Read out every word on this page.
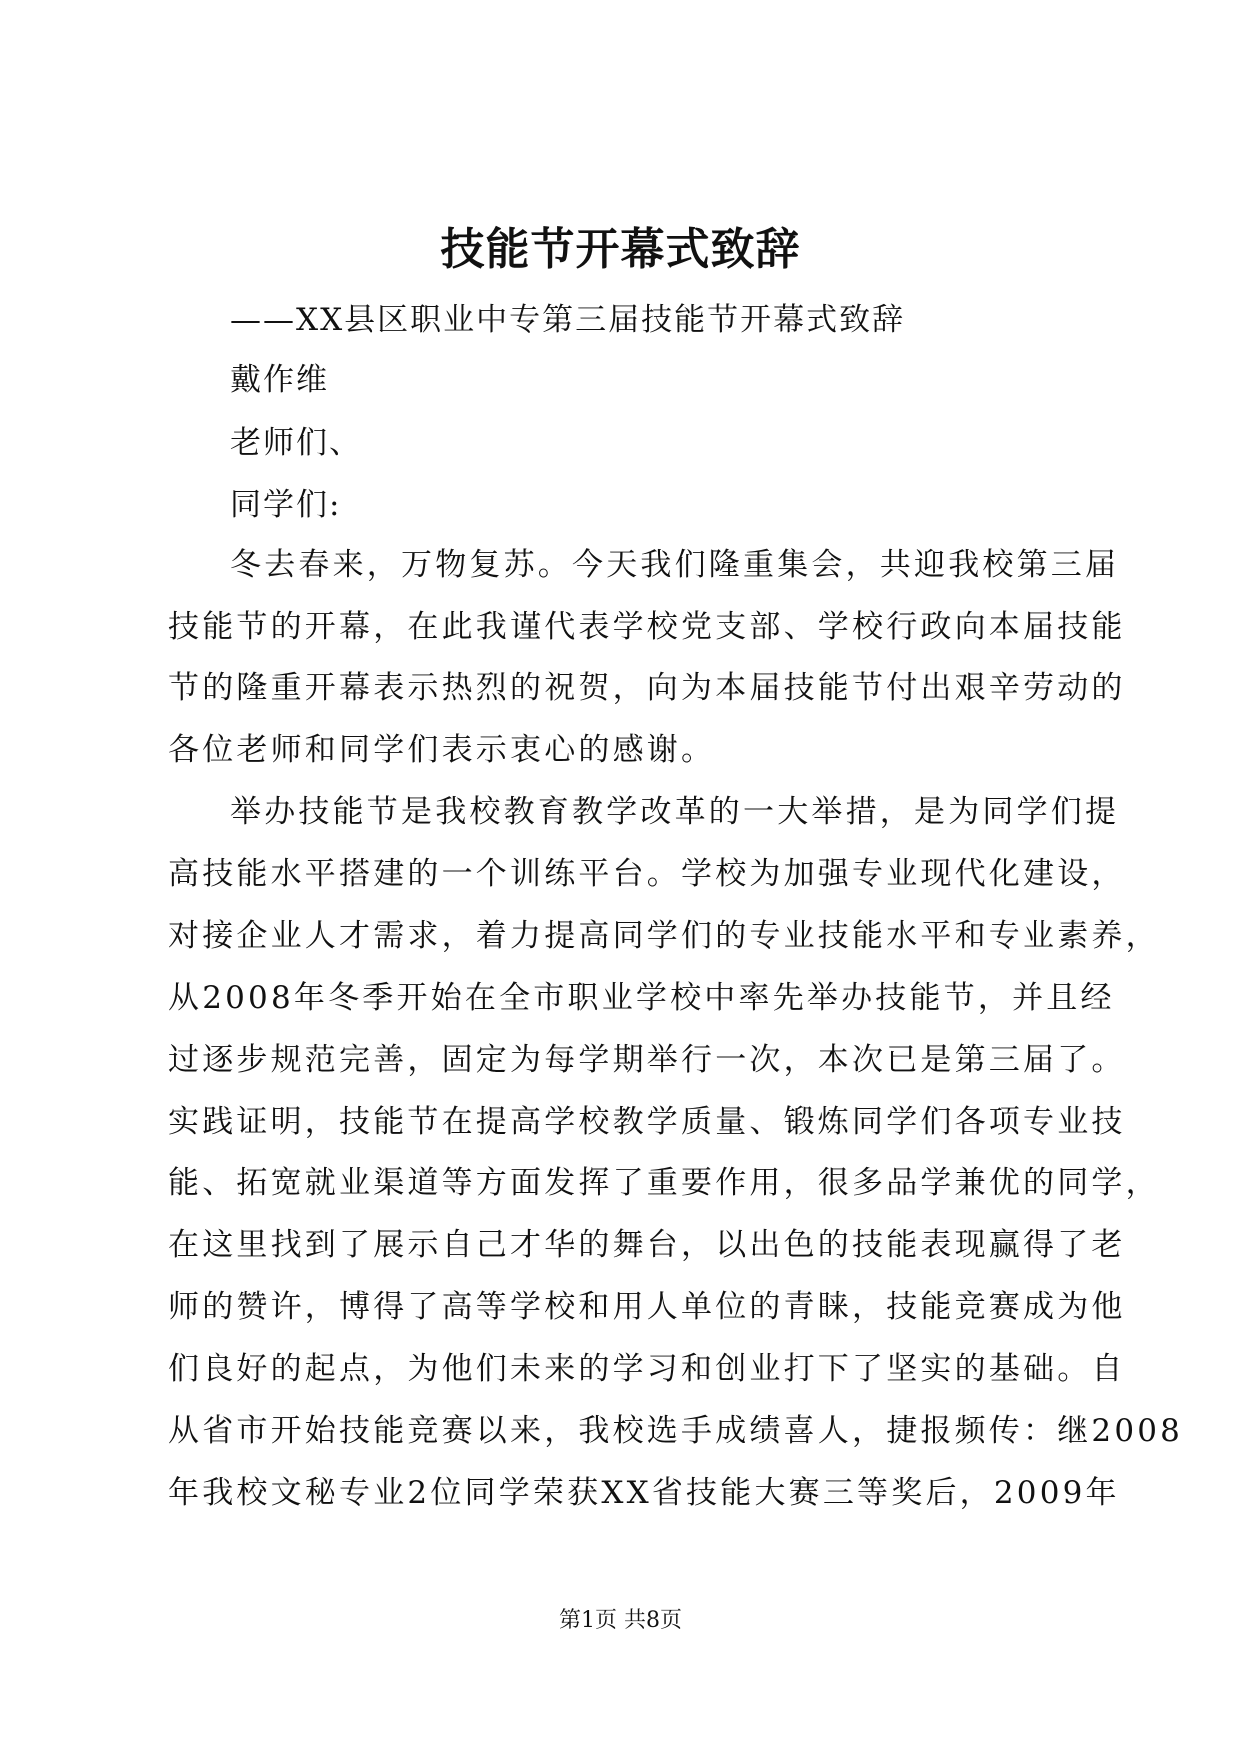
技能节开幕式致辞
——XX县区职业中专第三届技能节开幕式致辞
戴作维
老师们、
同学们:
冬去春来，万物复苏。今天我们隆重集会，共迎我校第三届
技能节的开幕，在此我谨代表学校党支部、学校行政向本届技能
节的隆重开幕表示热烈的祝贺，向为本届技能节付出艰辛劳动的
各位老师和同学们表示衷心的感谢。
举办技能节是我校教育教学改革的一大举措，是为同学们提
高技能水平搭建的一个训练平台。学校为加强专业现代化建设，
对接企业人才需求，着力提高同学们的专业技能水平和专业素养，
从2008年冬季开始在全市职业学校中率先举办技能节，并且经
过逐步规范完善，固定为每学期举行一次，本次已是第三届了。
实践证明，技能节在提高学校教学质量、锻炼同学们各项专业技
能、拓宽就业渠道等方面发挥了重要作用，很多品学兼优的同学，
在这里找到了展示自己才华的舞台，以出色的技能表现赢得了老
师的赞许，博得了高等学校和用人单位的青睐，技能竞赛成为他
们良好的起点，为他们未来的学习和创业打下了坚实的基础。自
从省市开始技能竞赛以来，我校选手成绩喜人，捷报频传：继2008
年我校文秘专业2位同学荣获XX省技能大赛三等奖后，2009年
第1页 共8页
